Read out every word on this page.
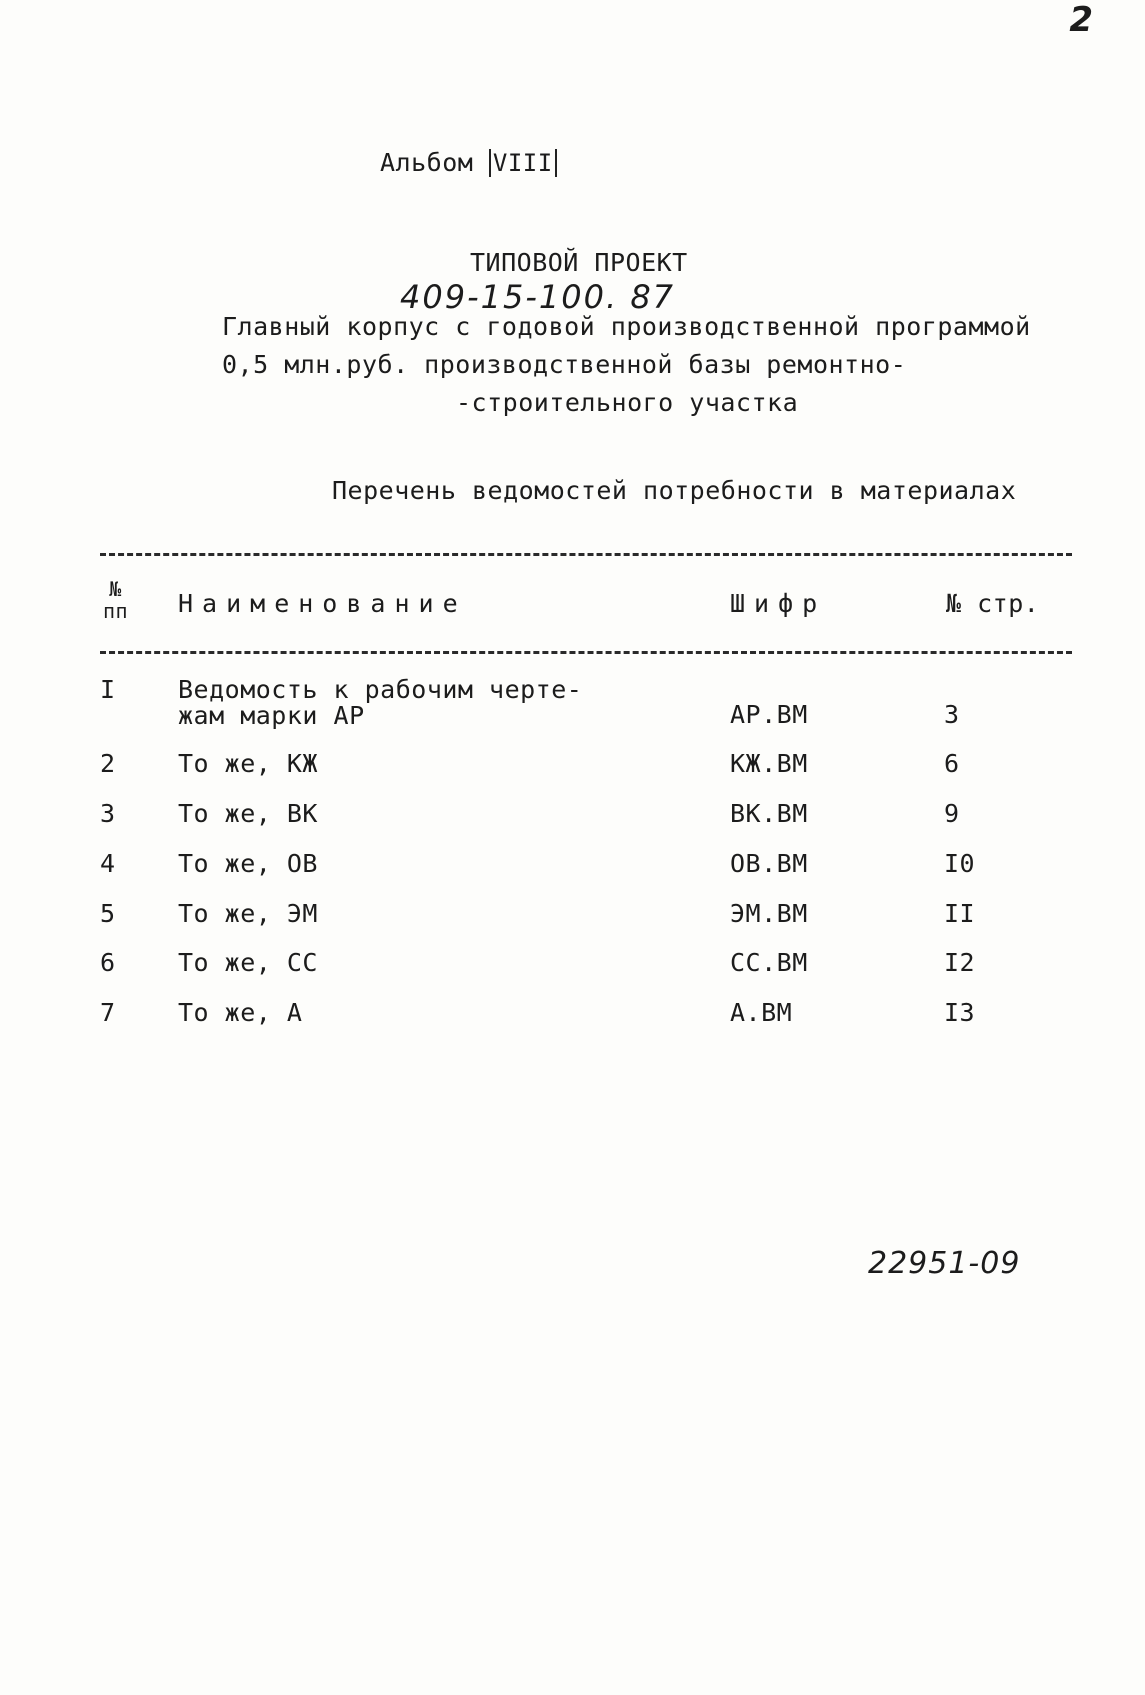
2
Альбом VIII
ТИПОВОЙ ПРОЕКТ
409-15-100. 87
Главный корпус с годовой производственной программой
0,5 млн.руб. производственной базы ремонтно-
-строительного участка
Перечень ведомостей потребности в материалах
№
пп Наименование	Шифр	№ стр.
I Ведомость к рабочим черте-
жам марки АР	АР.ВМ	3
2 То же, КЖ	КЖ.ВМ	6
3 То же, ВК	ВК.ВМ	9
4 То же, ОВ	ОВ.ВМ	I0
5 То же, ЭМ	ЭМ.ВМ	II
6 То же, СС	СС.ВМ	I2
7 То же, А	А.ВМ	I3
22951-09
